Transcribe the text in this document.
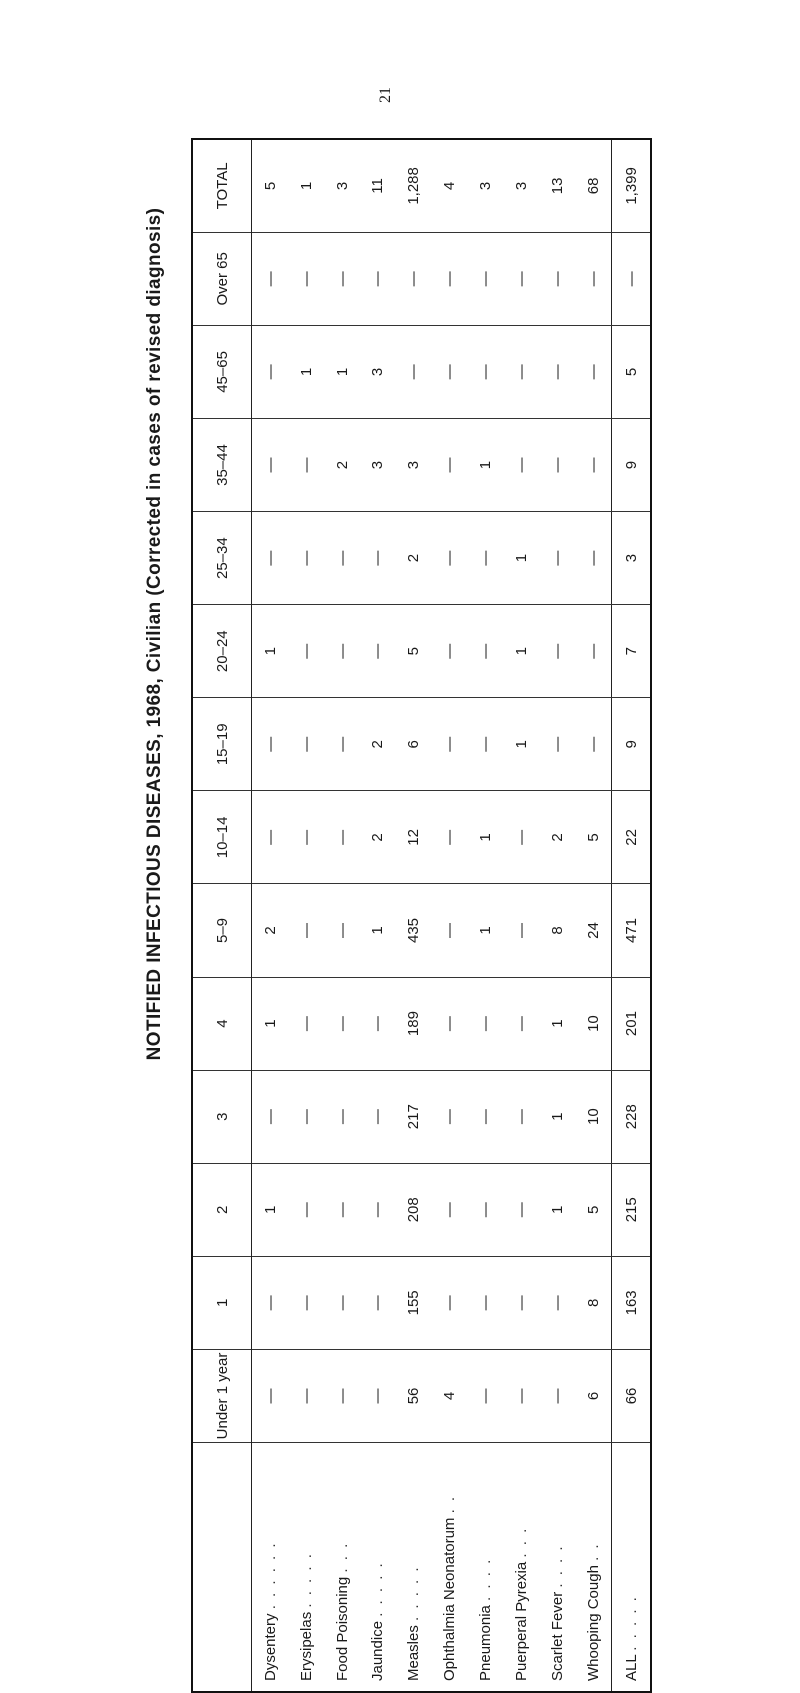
21
NOTIFIED INFECTIOUS DISEASES, 1968, Civilian (Corrected in cases of revised diagnosis)
	Under 1 year	1	2	3	4	5–9	10–14	15–19	20–24	25–34	35–44	45–65	Over 65	TOTAL
Dysentery . . . . . .	—	—	1	—	1	2	—	—	1	—	—	—	—	5
Erysipelas . . . . .	—	—	—	—	—	—	—	—	—	—	—	1	—	1
Food Poisoning . . .	—	—	—	—	—	—	—	—	—	—	2	1	—	3
Jaundice . . . . .	—	—	—	—	—	1	2	2	—	—	3	3	—	11
Measles . . . . .	56	155	208	217	189	435	12	6	5	2	3	—	—	1,288
Ophthalmia Neonatorum . .	4	—	—	—	—	—	—	—	—	—	—	—	—	4
Pneumonia . . . .	—	—	—	—	—	1	1	—	—	—	1	—	—	3
Puerperal Pyrexia . . .	—	—	—	—	—	—	—	1	1	1	—	—	—	3
Scarlet Fever . . . .	—	—	1	1	1	8	2	—	—	—	—	—	—	13
Whooping Cough . .	6	8	5	10	10	24	5	—	—	—	—	—	—	68
ALL . . . . .	66	163	215	228	201	471	22	9	7	3	9	5	—	1,399
